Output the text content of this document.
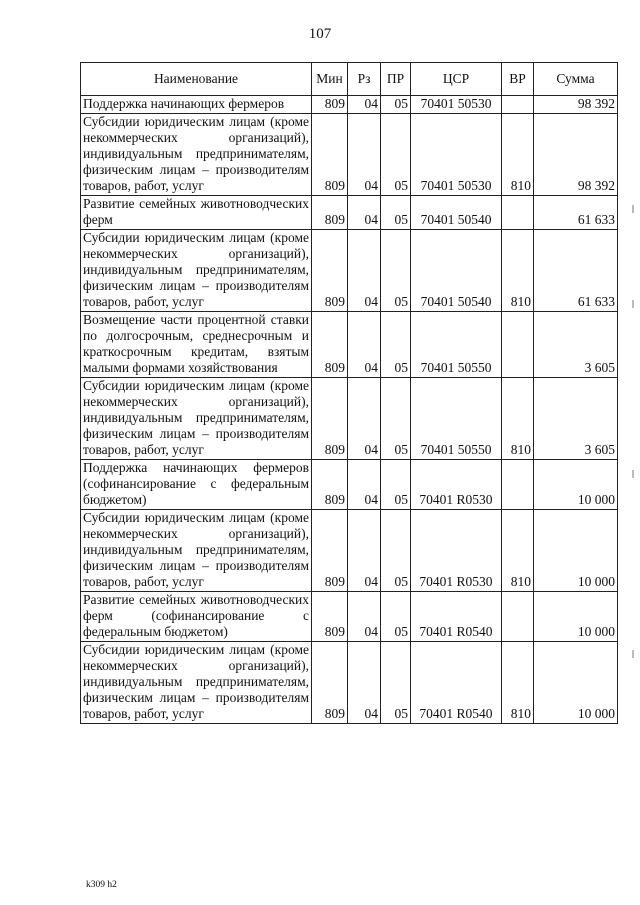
107
Наименование	Мин	Рз	ПР	ЦСР	ВР	Сумма
Поддержка начинающих фермеров	809	04	05	70401 50530		98 392
Субсидии юридическим лицам (кроме некоммерческих организаций), индивидуальным предпринимателям, физическим лицам – производителям товаров, работ, услуг	809	04	05	70401 50530	810	98 392
Развитие семейных животноводческих ферм	809	04	05	70401 50540		61 633
Субсидии юридическим лицам (кроме некоммерческих организаций), индивидуальным предпринимателям, физическим лицам – производителям товаров, работ, услуг	809	04	05	70401 50540	810	61 633
Возмещение части процентной ставки по долгосрочным, среднесрочным и краткосрочным кредитам, взятым малыми формами хозяйствования	809	04	05	70401 50550		3 605
Субсидии юридическим лицам (кроме некоммерческих организаций), индивидуальным предпринимателям, физическим лицам – производителям товаров, работ, услуг	809	04	05	70401 50550	810	3 605
Поддержка начинающих фермеров (софинансирование с федеральным бюджетом)	809	04	05	70401 R0530		10 000
Субсидии юридическим лицам (кроме некоммерческих организаций), индивидуальным предпринимателям, физическим лицам – производителям товаров, работ, услуг	809	04	05	70401 R0530	810	10 000
Развитие семейных животноводческих ферм (софинансирование с федеральным бюджетом)	809	04	05	70401 R0540		10 000
Субсидии юридическим лицам (кроме некоммерческих организаций), индивидуальным предпринимателям, физическим лицам – производителям товаров, работ, услуг	809	04	05	70401 R0540	810	10 000
k309 h2
